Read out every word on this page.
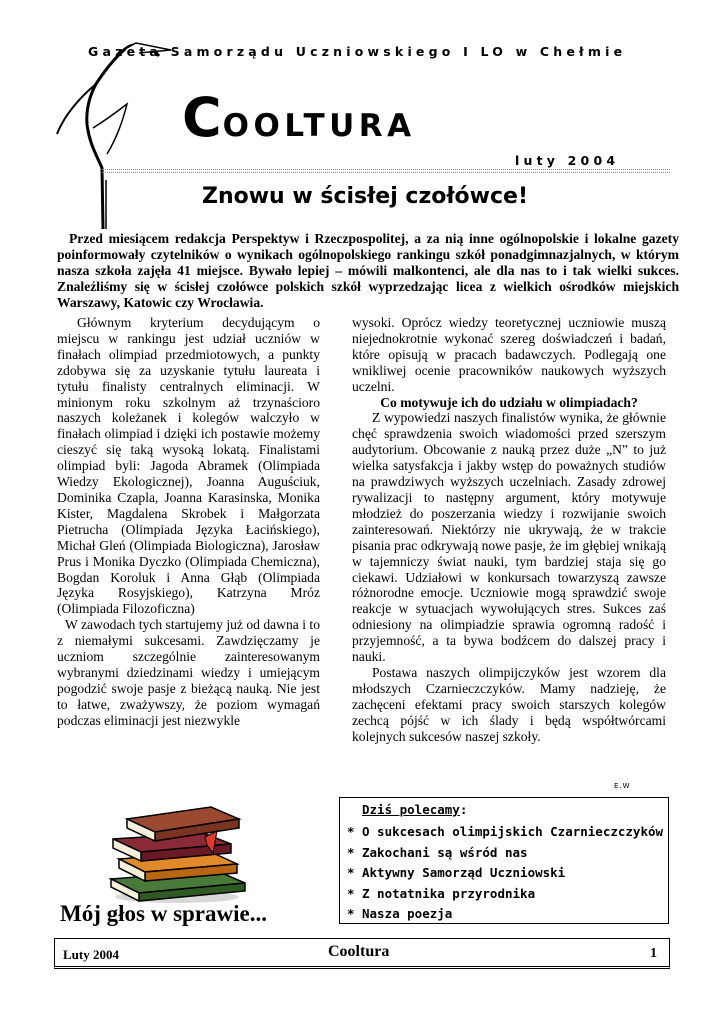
Gazeta Samorządu Uczniowskiego I LO w Chełmie
COOLTURA
luty 2004
Znowu w ścisłej czołówce!
Przed miesiącem redakcja Perspektyw i Rzeczpospolitej, a za nią inne ogólnopolskie i lokalne gazety poinformowały czytelników o wynikach ogólnopolskiego rankingu szkół ponadgimnazjalnych, w którym nasza szkoła zajęła 41 miejsce. Bywało lepiej – mówili malkontenci, ale dla nas to i tak wielki sukces. Znaleźliśmy się w ścisłej czołówce polskich szkół wyprzedzając licea z wielkich ośrodków miejskich Warszawy, Katowic czy Wrocławia.

Głównym kryterium decydującym o miejscu w rankingu jest udział uczniów w finałach olimpiad przedmiotowych, a punkty zdobywa się za uzyskanie tytułu laureata i tytułu finalisty centralnych eliminacji. W minionym roku szkolnym aż trzynaścioro naszych koleżanek i kolegów walczyło w finałach olimpiad i dzięki ich postawie możemy cieszyć się taką wysoką lokatą. Finalistami olimpiad byli: Jagoda Abramek (Olimpiada Wiedzy Ekologicznej), Joanna Auguściuk, Dominika Czapla, Joanna Karasinska, Monika Kister, Magdalena Skrobek i Małgorzata Pietrucha (Olimpiada Języka Łacińskiego), Michał Gleń (Olimpiada Biologiczna), Jarosław Prus i Monika Dyczko (Olimpiada Chemiczna), Bogdan Koroluk i Anna Głąb (Olimpiada Języka Rosyjskiego), Katrzyna Mróz (Olimpiada Filozoficzna)

W zawodach tych startujemy już od dawna i to z niemałymi sukcesami. Zawdzięczamy je uczniom szczególnie zainteresowanym wybranymi dziedzinami wiedzy i umiejącym pogodzić swoje pasje z bieżącą nauką. Nie jest to łatwe, zważywszy, że poziom wymagań podczas eliminacji jest niezwykle

wysoki. Oprócz wiedzy teoretycznej uczniowie muszą niejednokrotnie wykonać szereg doświadczeń i badań, które opisują w pracach badawczych. Podlegają one wnikliwej ocenie pracowników naukowych wyższych uczelni.

Co motywuje ich do udziału w olimpiadach?

Z wypowiedzi naszych finalistów wynika, że głównie chęć sprawdzenia swoich wiadomości przed szerszym audytorium. Obcowanie z nauką przez duże „N” to już wielka satysfakcja i jakby wstęp do poważnych studiów na prawdziwych wyższych uczelniach. Zasady zdrowej rywalizacji to następny argument, który motywuje młodzież do poszerzania wiedzy i rozwijanie swoich zainteresowań. Niektórzy nie ukrywają, że w trakcie pisania prac odkrywają nowe pasje, że im głębiej wnikają w tajemniczy świat nauki, tym bardziej staja się go ciekawi. Udziałowi w konkursach towarzyszą zawsze różnorodne emocje. Uczniowie mogą sprawdzić swoje reakcje w sytuacjach wywołujących stres. Sukces zaś odniesiony na olimpiadzie sprawia ogromną radość i przyjemność, a ta bywa bodźcem do dalszej pracy i nauki.

Postawa naszych olimpijczyków jest wzorem dla młodszych Czarnieczczyków. Mamy nadzieję, że zachęceni efektami pracy swoich starszych kolegów zechcą pójść w ich ślady i będą współtwórcami kolejnych sukcesów naszej szkoły.

E.W
Mój głos w sprawie...
Dziś polecamy:
* O sukcesach olimpijskich Czarnieczczyków
* Zakochani są wśród nas
* Aktywny Samorząd Uczniowski
* Z notatnika przyrodnika
* Nasza poezja
Luty 2004	Cooltura	1
